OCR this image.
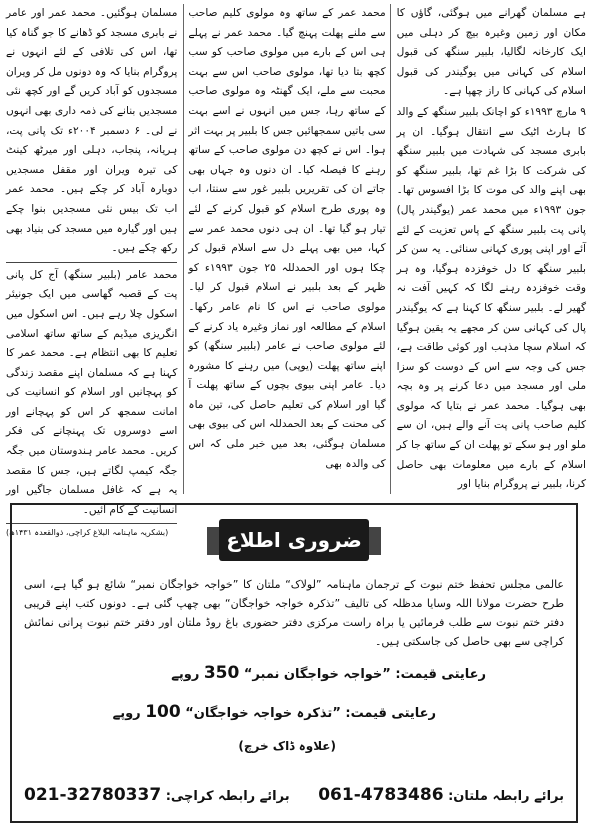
ہے مسلمان گھرانے میں ہوگئی، گاؤں کا مکان اور زمین وغیرہ بیچ کر دہلی میں ایک کارخانہ لگالیا، بلبیر سنگھ کی قبول اسلام کی کہانی میں یوگیندر کی قبول اسلام کی کہانی کا راز چھپا ہے۔

۹ مارچ ۱۹۹۳ء کو اچانک بلبیر سنگھ کے والد کا ہارٹ اٹیک سے انتقال ہوگیا۔ ان پر بابری مسجد کی شہادت میں بلبیر سنگھ کی شرکت کا بڑا غم تھا، بلبیر سنگھ کو بھی اپنے والد کی موت کا بڑا افسوس تھا۔ جون ۱۹۹۳ء میں محمد عمر (یوگیندر پال) پانی پت بلبیر سنگھ کے پاس تعزیت کے لئے آئے اور اپنی پوری کہانی سنائی۔ یہ سن کر بلبیر سنگھ کا دل خوفزدہ ہوگیا، وہ ہر وقت خوفزدہ رہنے لگا کہ کہیں آفت نہ گھیر لے۔ بلبیر سنگھ کا کہنا ہے کہ یوگیندر پال کی کہانی سن کر مجھے یہ یقین ہوگیا کہ اسلام سچا مذہب اور کوئی طاقت ہے، جس کی وجہ سے اس کے دوست کو سزا ملی اور مسجد میں دعا کرنے پر وہ بچہ بھی ہوگیا۔ محمد عمر نے بتایا کہ مولوی کلیم صاحب پانی پت آنے والے ہیں، ان سے ملو اور ہو سکے تو پھلت ان کے ساتھ جا کر اسلام کے بارے میں معلومات بھی حاصل کرنا، بلبیر نے پروگرام بنایا اور

محمد عمر کے ساتھ وہ مولوی کلیم صاحب سے ملنے پھلت پہنچ گیا۔ محمد عمر نے پہلے ہی اس کے بارے میں مولوی صاحب کو سب کچھ بتا دیا تھا، مولوی صاحب اس سے بہت محبت سے ملے، ایک گھنٹہ وہ مولوی صاحب کے ساتھ رہا، جس میں انہوں نے اسے بہت سی باتیں سمجھائیں جس کا بلبیر پر بہت اثر ہوا۔ اس نے کچھ دن مولوی صاحب کے ساتھ رہنے کا فیصلہ کیا۔ ان دنوں وہ جہاں بھی جاتے ان کی تقریریں بلبیر غور سے سنتا، اب وہ پوری طرح اسلام کو قبول کرنے کے لئے تیار ہو گیا تھا۔ ان ہی دنوں محمد عمر سے کہا، میں بھی پہلے دل سے اسلام قبول کر چکا ہوں اور الحمدللہ ۲۵ جون ۱۹۹۳ء کو ظہر کے بعد بلبیر نے اسلام قبول کر لیا۔ مولوی صاحب نے اس کا نام عامر رکھا۔ اسلام کے مطالعہ اور نماز وغیرہ یاد کرنے کے لئے مولوی صاحب نے عامر (بلبیر سنگھ) کو اپنے ساتھ پھلت (یوپی) میں رہنے کا مشورہ دیا۔ عامر اپنی بیوی بچوں کے ساتھ پھلت آ گیا اور اسلام کی تعلیم حاصل کی، تین ماہ کی محنت کے بعد الحمدللہ اس کی بیوی بھی مسلمان ہوگئی، بعد میں خبر ملی کہ اس کی والدہ بھی

مسلمان ہوگئیں۔ محمد عمر اور عامر نے بابری مسجد کو ڈھانے کا جو گناہ کیا تھا، اس کی تلافی کے لئے انہوں نے پروگرام بنایا کہ وہ دونوں مل کر ویران مسجدوں کو آباد کریں گے اور کچھ نئی مسجدیں بنانے کی ذمہ داری بھی انہوں نے لی۔ ۶ دسمبر ۲۰۰۴ء تک پانی پت، ہریانہ، پنجاب، دہلی اور میرٹھ کینٹ کی تیرہ ویران اور مقفل مسجدیں دوبارہ آباد کر چکے ہیں۔ محمد عمر اب تک بیس نئی مسجدیں بنوا چکے ہیں اور گیارہ میں مسجد کی بنیاد بھی رکھ چکے ہیں۔

محمد عامر (بلبیر سنگھ) آج کل پانی پت کے قصبہ گھاسی میں ایک جونیئر اسکول چلا رہے ہیں۔ اس اسکول میں انگریزی میڈیم کے ساتھ ساتھ اسلامی تعلیم کا بھی انتظام ہے۔ محمد عمر کا کہنا ہے کہ مسلمان اپنے مقصد زندگی کو پہچانیں اور اسلام کو انسانیت کی امانت سمجھ کر اس کو پہچانے اور اسے دوسروں تک پہنچانے کی فکر کریں۔ محمد عامر ہندوستان میں جگہ جگہ کیمپ لگاتے ہیں، جس کا مقصد یہ ہے کہ غافل مسلمان جاگیں اور انسانیت کے کام آئیں۔

(بشکریہ ماہنامہ البلاغ کراچی، ذوالقعدہ ۱۴۳۱ھ)	ضروری اطلاع
عالمی مجلس تحفظ ختم نبوت کے ترجمان ماہنامہ ”لولاک“ ملتان کا ”خواجہ خواجگان نمبر“ شائع ہو گیا ہے، اسی طرح حضرت مولانا اللہ وسایا مدظلہ کی تالیف ”تذکرہ خواجہ خواجگان“ بھی چھپ گئی ہے۔ دونوں کتب اپنے قریبی دفتر ختم نبوت سے طلب فرمائیں یا براہ راست مرکزی دفتر حضوری باغ روڈ ملتان اور دفتر ختم نبوت پرانی نمائش کراچی سے بھی حاصل کی جاسکتی ہیں۔
رعایتی قیمت: ”خواجہ خواجگان نمبر“ 350 روپے
رعایتی قیمت: ”تذکرہ خواجہ خواجگان“ 100 روپے
(علاوہ ڈاک خرچ)
برائے رابطہ ملتان: 061-4783486
برائے رابطہ کراچی: 021-32780337
